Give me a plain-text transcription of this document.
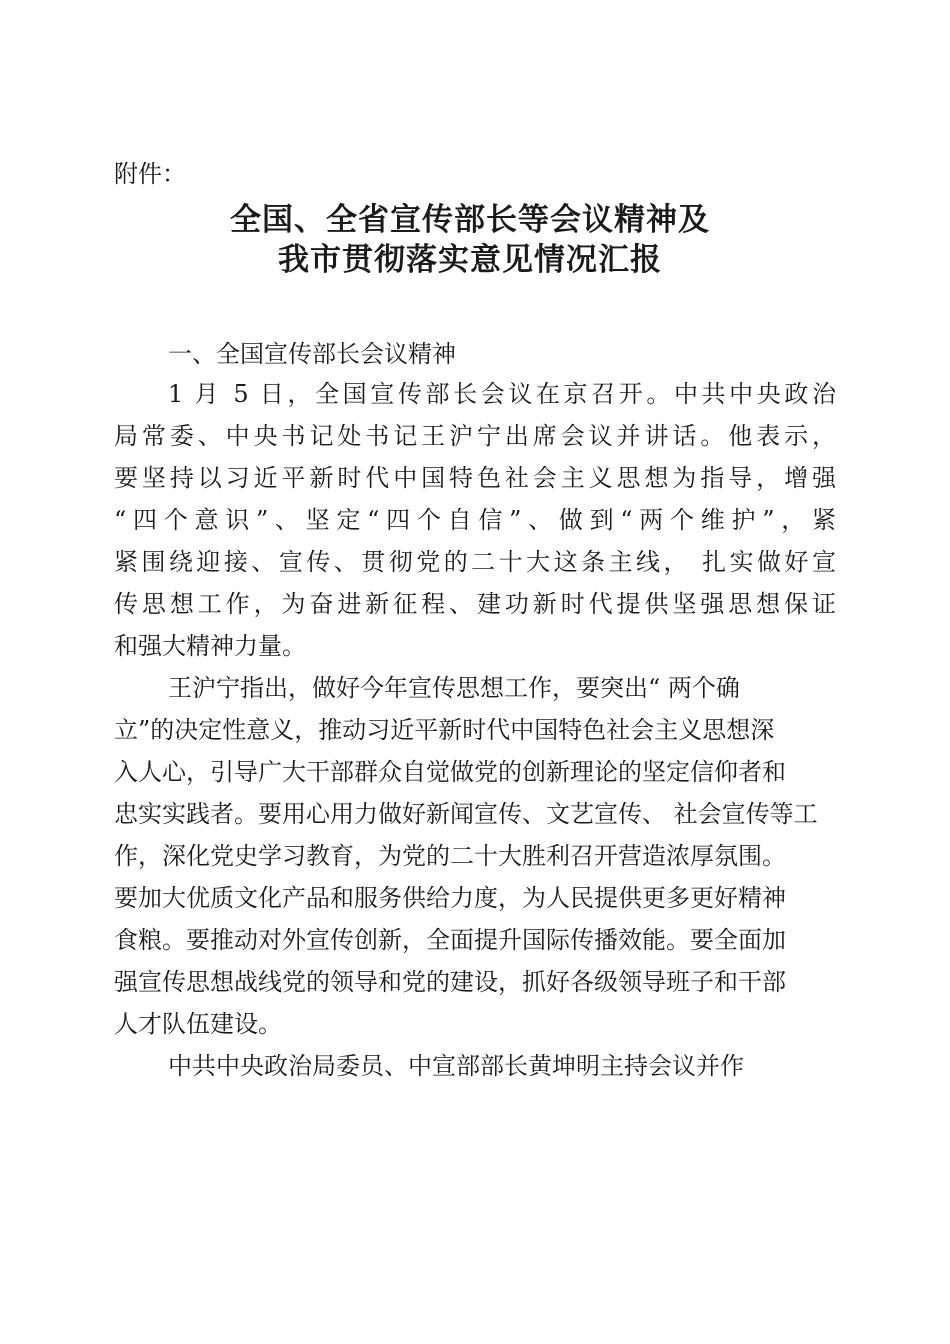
附件：
全国、全省宣传部长等会议精神及
我市贯彻落实意见情况汇报
一、全国宣传部长会议精神
1 月 5 日，全国宣传部长会议在京召开。中共中央政治
局常委、中央书记处书记王沪宁出席会议并讲话。他表示，
要坚持以习近平新时代中国特色社会主义思想为指导，增强
“四个意识”、坚定“四个自信”、做到“两个维护”，紧
紧围绕迎接、宣传、贯彻党的二十大这条主线， 扎实做好宣
传思想工作，为奋进新征程、建功新时代提供坚强思想保证
和强大精神力量。
王沪宁指出，做好今年宣传思想工作，要突出“ 两个确
立”的决定性意义，推动习近平新时代中国特色社会主义思想深
入人心，引导广大干部群众自觉做党的创新理论的坚定信仰者和
忠实实践者。要用心用力做好新闻宣传、文艺宣传、 社会宣传等工
作，深化党史学习教育，为党的二十大胜利召开营造浓厚氛围。
要加大优质文化产品和服务供给力度，为人民提供更多更好精神
食粮。要推动对外宣传创新，全面提升国际传播效能。要全面加
强宣传思想战线党的领导和党的建设，抓好各级领导班子和干部
人才队伍建设。
中共中央政治局委员、中宣部部长黄坤明主持会议并作
